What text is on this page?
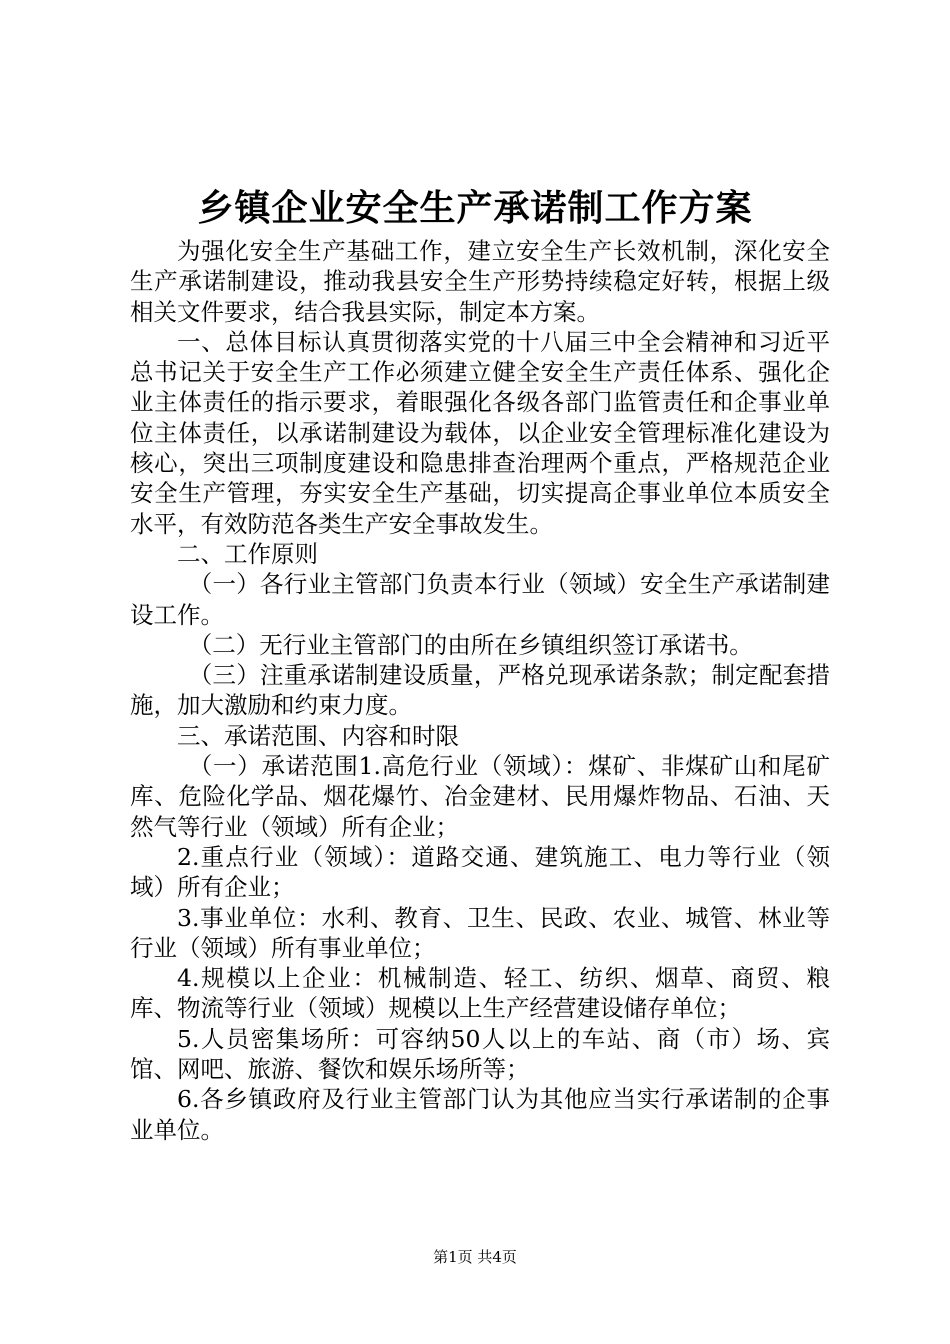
乡镇企业安全生产承诺制工作方案

为强化安全生产基础工作，建立安全生产长效机制，深化安全生产承诺制建设，推动我县安全生产形势持续稳定好转，根据上级相关文件要求，结合我县实际，制定本方案。

一、总体目标认真贯彻落实党的十八届三中全会精神和习近平总书记关于安全生产工作必须建立健全安全生产责任体系、强化企业主体责任的指示要求，着眼强化各级各部门监管责任和企事业单位主体责任，以承诺制建设为载体，以企业安全管理标准化建设为核心，突出三项制度建设和隐患排查治理两个重点，严格规范企业安全生产管理，夯实安全生产基础，切实提高企事业单位本质安全水平，有效防范各类生产安全事故发生。

二、工作原则

（一）各行业主管部门负责本行业（领域）安全生产承诺制建设工作。

（二）无行业主管部门的由所在乡镇组织签订承诺书。

（三）注重承诺制建设质量，严格兑现承诺条款；制定配套措施，加大激励和约束力度。

三、承诺范围、内容和时限

（一）承诺范围1.高危行业（领域）：煤矿、非煤矿山和尾矿库、危险化学品、烟花爆竹、冶金建材、民用爆炸物品、石油、天然气等行业（领域）所有企业；

2.重点行业（领域）：道路交通、建筑施工、电力等行业（领域）所有企业；

3.事业单位：水利、教育、卫生、民政、农业、城管、林业等行业（领域）所有事业单位；

4.规模以上企业：机械制造、轻工、纺织、烟草、商贸、粮库、物流等行业（领域）规模以上生产经营建设储存单位；

5.人员密集场所：可容纳50人以上的车站、商（市）场、宾馆、网吧、旅游、餐饮和娱乐场所等；

6.各乡镇政府及行业主管部门认为其他应当实行承诺制的企事业单位。

第1页 共4页
